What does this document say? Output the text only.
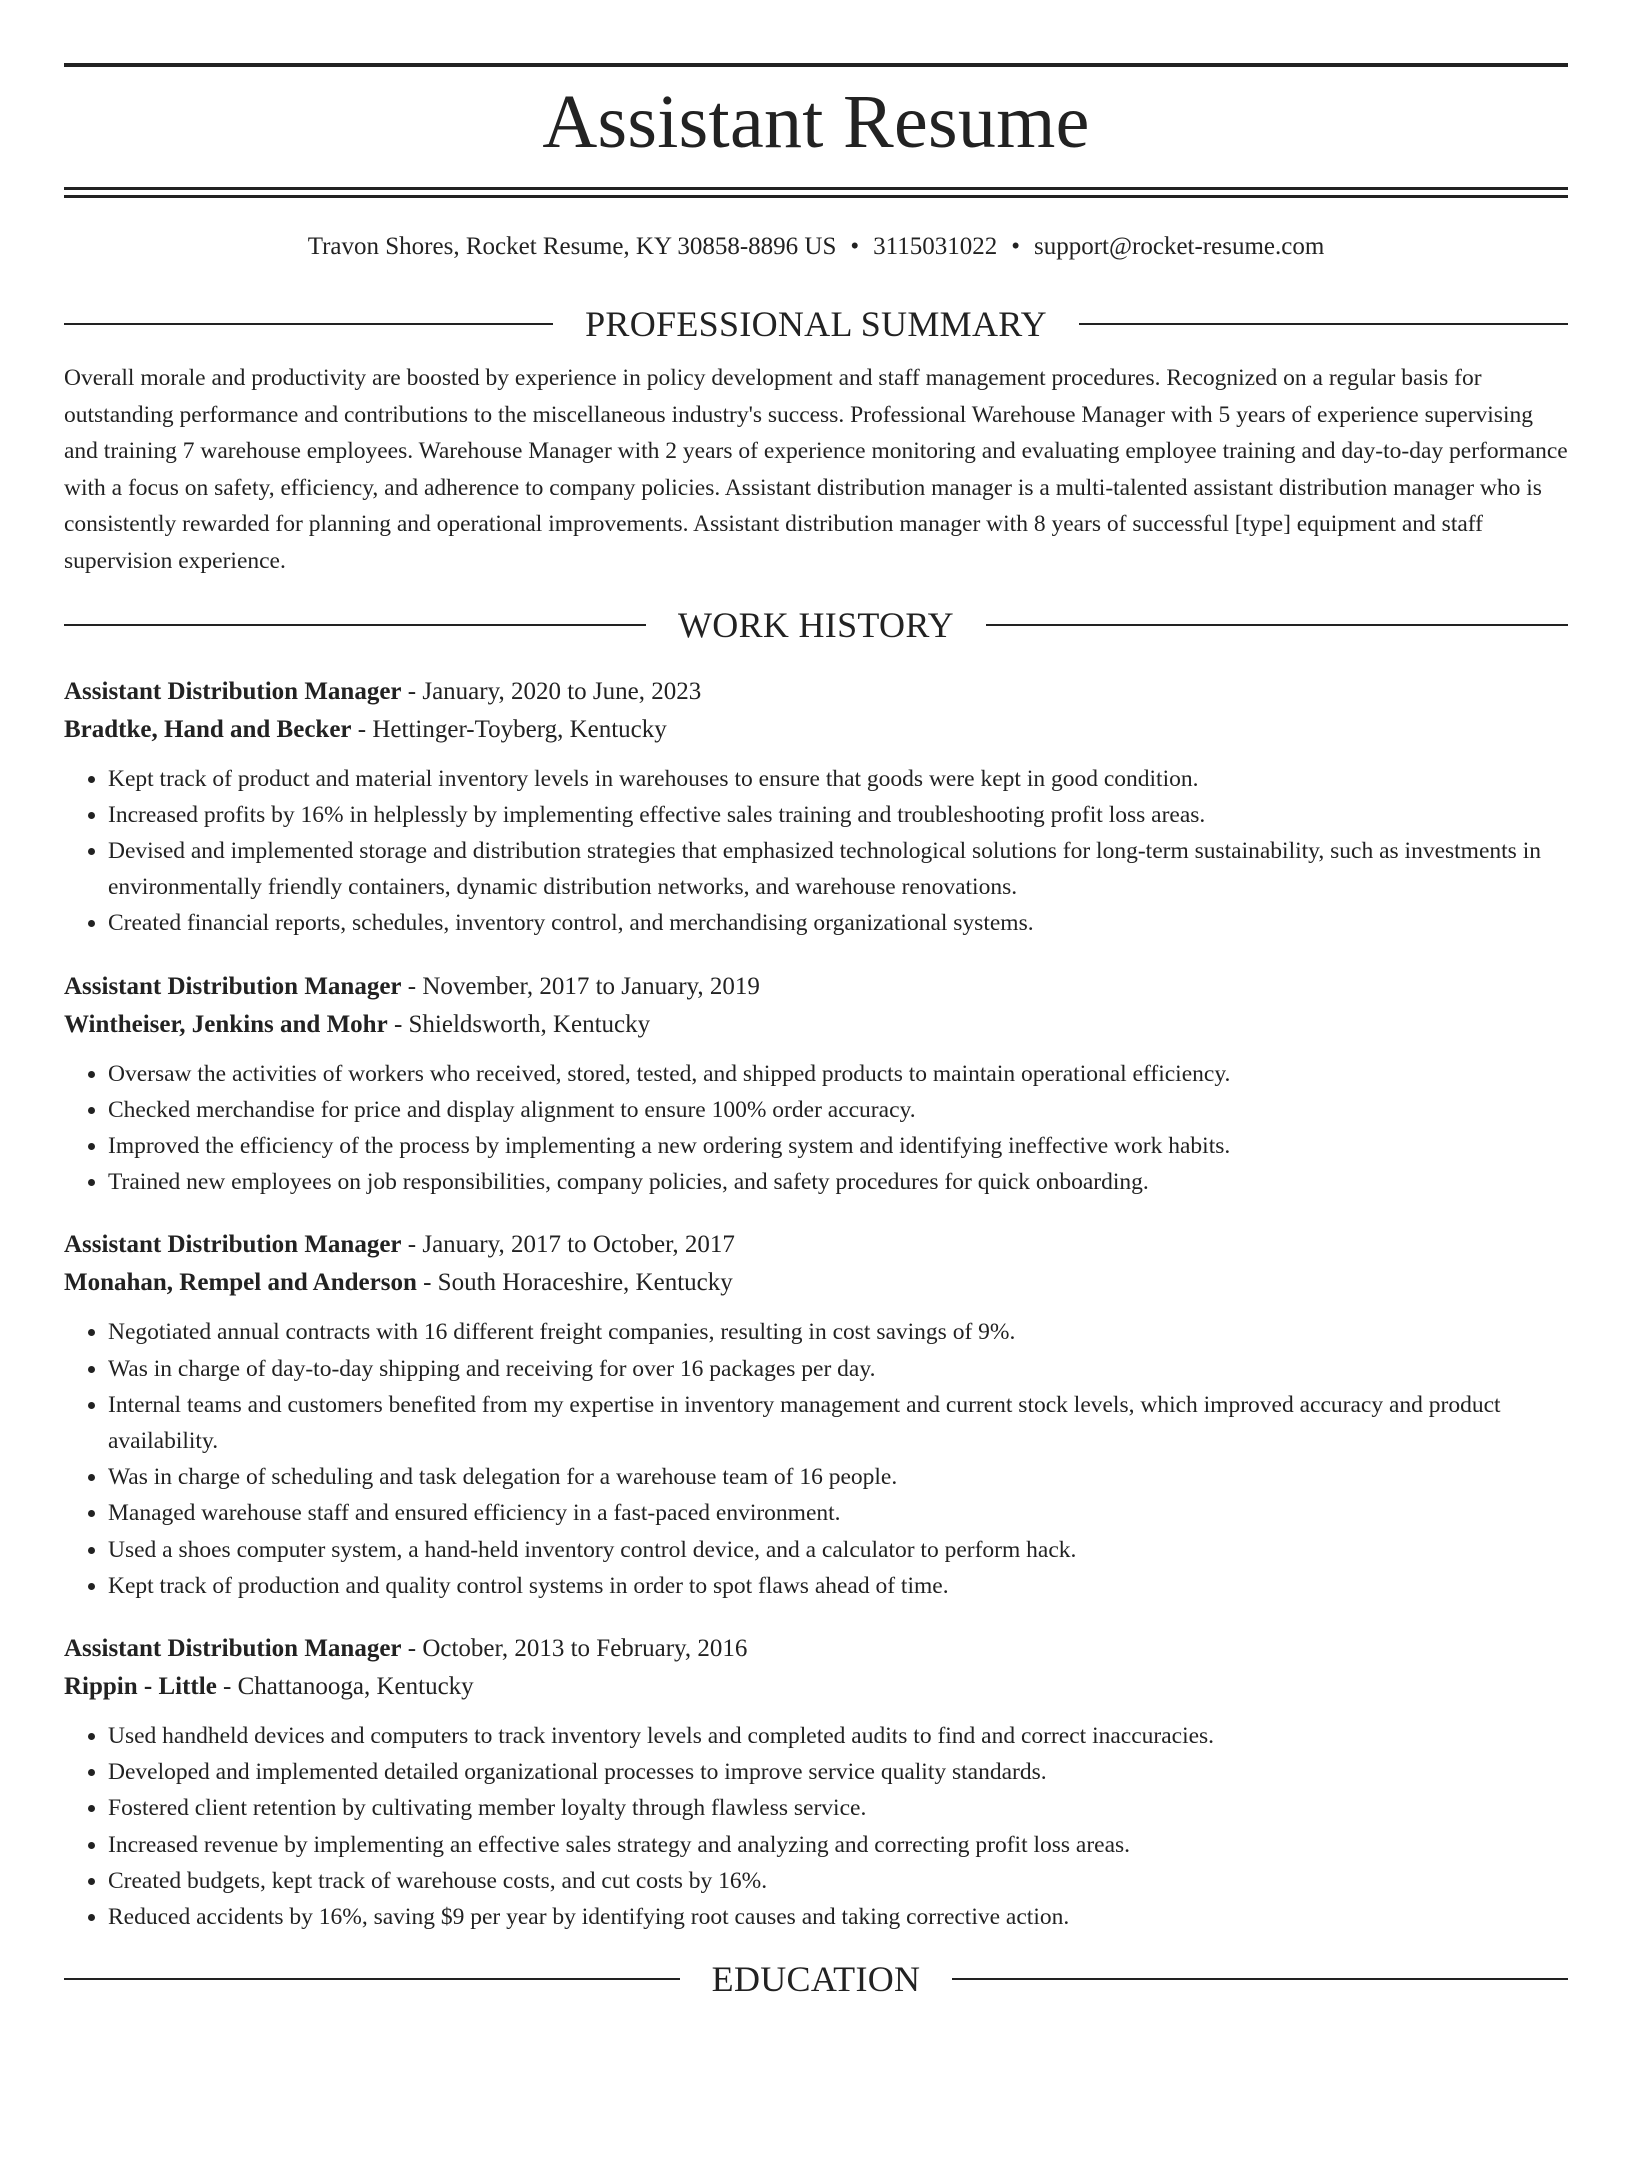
Assistant Resume
Travon Shores, Rocket Resume, KY 30858-8896 US • 3115031022 • support@rocket-resume.com
PROFESSIONAL SUMMARY

Overall morale and productivity are boosted by experience in policy development and staff management procedures. Recognized on a regular basis for outstanding performance and contributions to the miscellaneous industry's success. Professional Warehouse Manager with 5 years of experience supervising and training 7 warehouse employees. Warehouse Manager with 2 years of experience monitoring and evaluating employee training and day-to-day performance with a focus on safety, efficiency, and adherence to company policies. Assistant distribution manager is a multi-talented assistant distribution manager who is consistently rewarded for planning and operational improvements. Assistant distribution manager with 8 years of successful [type] equipment and staff supervision experience.

WORK HISTORY
Assistant Distribution Manager - January, 2020 to June, 2023
Bradtke, Hand and Becker - Hettinger-Toyberg, Kentucky
• Kept track of product and material inventory levels in warehouses to ensure that goods were kept in good condition.
• Increased profits by 16% in helplessly by implementing effective sales training and troubleshooting profit loss areas.
• Devised and implemented storage and distribution strategies that emphasized technological solutions for long-term sustainability, such as investments in environmentally friendly containers, dynamic distribution networks, and warehouse renovations.
• Created financial reports, schedules, inventory control, and merchandising organizational systems.
Assistant Distribution Manager - November, 2017 to January, 2019
Wintheiser, Jenkins and Mohr - Shieldsworth, Kentucky
• Oversaw the activities of workers who received, stored, tested, and shipped products to maintain operational efficiency.
• Checked merchandise for price and display alignment to ensure 100% order accuracy.
• Improved the efficiency of the process by implementing a new ordering system and identifying ineffective work habits.
• Trained new employees on job responsibilities, company policies, and safety procedures for quick onboarding.
Assistant Distribution Manager - January, 2017 to October, 2017
Monahan, Rempel and Anderson - South Horaceshire, Kentucky
• Negotiated annual contracts with 16 different freight companies, resulting in cost savings of 9%.
• Was in charge of day-to-day shipping and receiving for over 16 packages per day.
• Internal teams and customers benefited from my expertise in inventory management and current stock levels, which improved accuracy and product availability.
• Was in charge of scheduling and task delegation for a warehouse team of 16 people.
• Managed warehouse staff and ensured efficiency in a fast-paced environment.
• Used a shoes computer system, a hand-held inventory control device, and a calculator to perform hack.
• Kept track of production and quality control systems in order to spot flaws ahead of time.
Assistant Distribution Manager - October, 2013 to February, 2016
Rippin - Little - Chattanooga, Kentucky
• Used handheld devices and computers to track inventory levels and completed audits to find and correct inaccuracies.
• Developed and implemented detailed organizational processes to improve service quality standards.
• Fostered client retention by cultivating member loyalty through flawless service.
• Increased revenue by implementing an effective sales strategy and analyzing and correcting profit loss areas.
• Created budgets, kept track of warehouse costs, and cut costs by 16%.
• Reduced accidents by 16%, saving $9 per year by identifying root causes and taking corrective action.
EDUCATION
